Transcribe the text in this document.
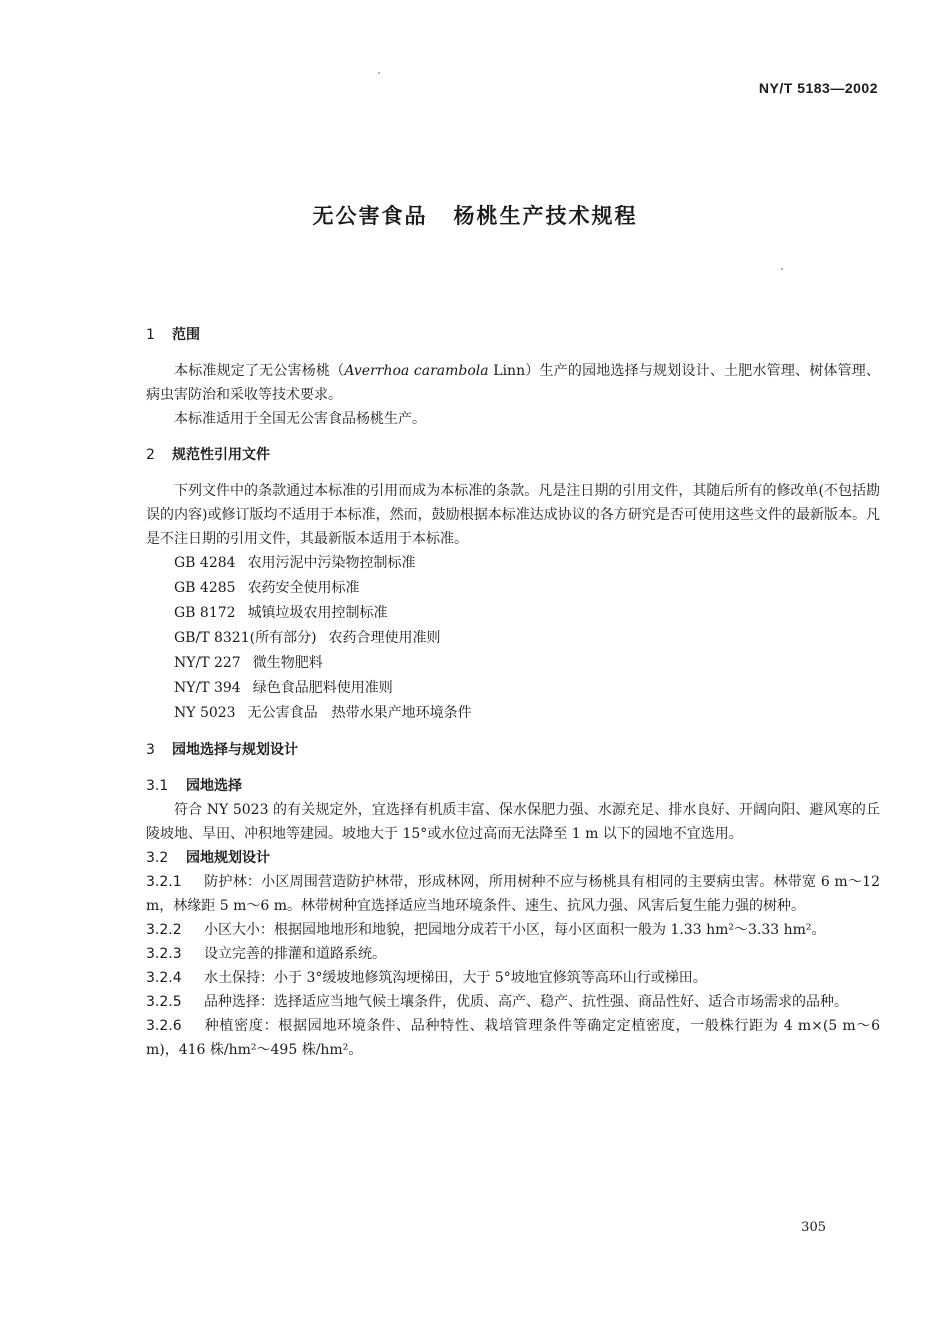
NY/T 5183—2002
无公害食品 杨桃生产技术规程
1 范围

本标准规定了无公害杨桃（Averrhoa carambola Linn）生产的园地选择与规划设计、土肥水管理、树体管理、病虫害防治和采收等技术要求。

本标准适用于全国无公害食品杨桃生产。

2 规范性引用文件

下列文件中的条款通过本标准的引用而成为本标准的条款。凡是注日期的引用文件，其随后所有的修改单(不包括勘误的内容)或修订版均不适用于本标准，然而，鼓励根据本标准达成协议的各方研究是否可使用这些文件的最新版本。凡是不注日期的引用文件，其最新版本适用于本标准。

GB 4284 农用污泥中污染物控制标准
GB 4285 农药安全使用标准
GB 8172 城镇垃圾农用控制标准
GB/T 8321(所有部分) 农药合理使用准则
NY/T 227 微生物肥料
NY/T 394 绿色食品肥料使用准则
NY 5023 无公害食品　热带水果产地环境条件
3 园地选择与规划设计
3.1 园地选择

符合 NY 5023 的有关规定外，宜选择有机质丰富、保水保肥力强、水源充足、排水良好、开阔向阳、避风寒的丘陵坡地、旱田、冲积地等建园。坡地大于 15°或水位过高而无法降至 1 m 以下的园地不宜选用。

3.2 园地规划设计

3.2.1 防护林：小区周围营造防护林带，形成林网，所用树种不应与杨桃具有相同的主要病虫害。林带宽 6 m～12 m，林缘距 5 m～6 m。林带树种宜选择适应当地环境条件、速生、抗风力强、风害后复生能力强的树种。

3.2.2 小区大小：根据园地地形和地貌，把园地分成若干小区，每小区面积一般为 1.33 hm²～3.33 hm²。

3.2.3 设立完善的排灌和道路系统。

3.2.4 水土保持：小于 3°缓坡地修筑沟埂梯田，大于 5°坡地宜修筑等高环山行或梯田。

3.2.5 品种选择：选择适应当地气候土壤条件，优质、高产、稳产、抗性强、商品性好、适合市场需求的品种。

3.2.6 种植密度：根据园地环境条件、品种特性、栽培管理条件等确定定植密度，一般株行距为 4 m×(5 m～6 m)，416 株/hm²～495 株/hm²。

305
